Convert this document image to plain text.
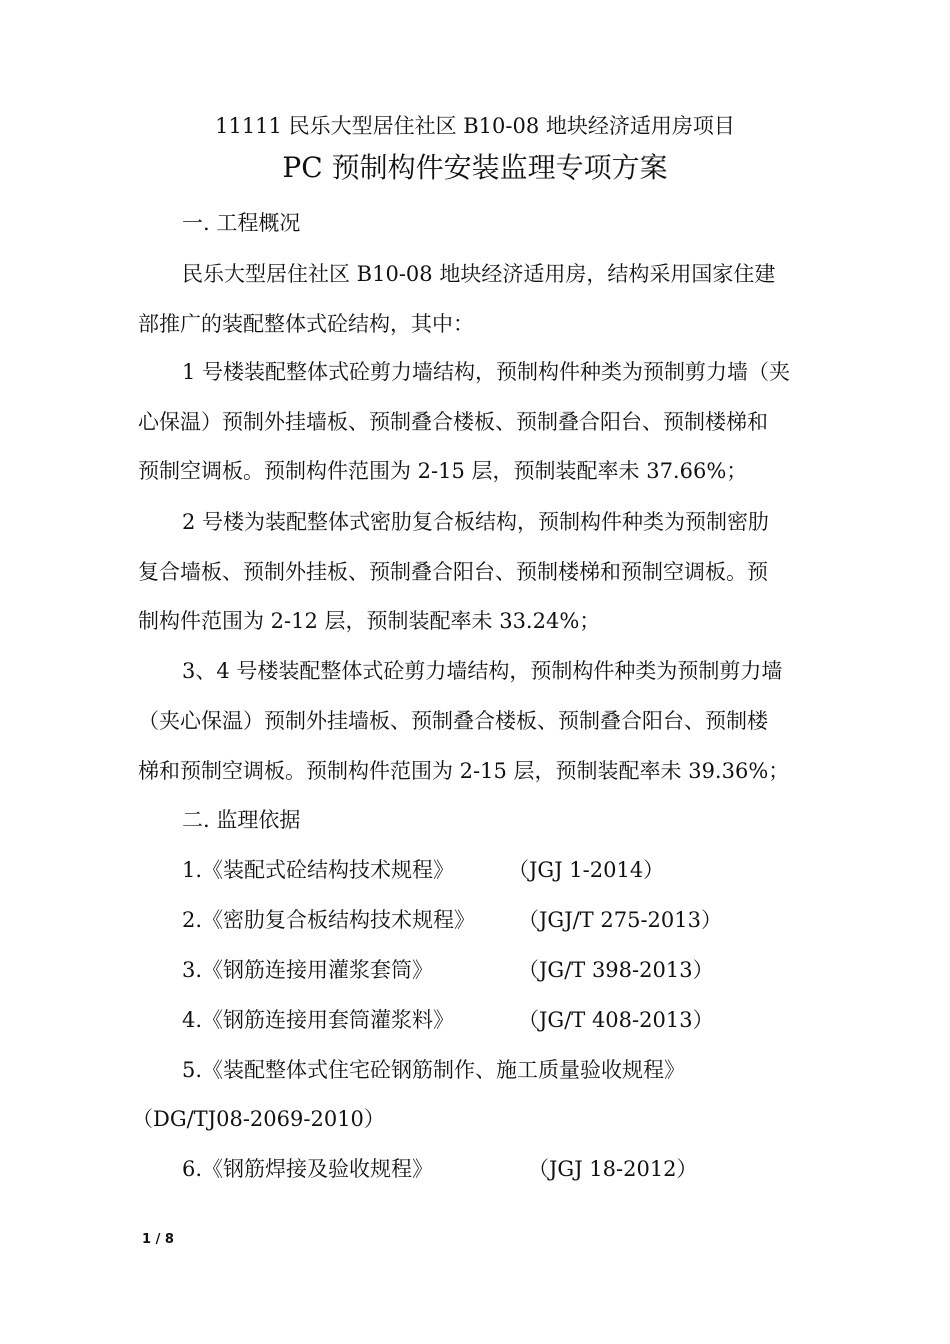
11111 民乐大型居住社区 B10-08 地块经济适用房项目
PC 预制构件安装监理专项方案
一. 工程概况
民乐大型居住社区 B10-08 地块经济适用房，结构采用国家住建
部推广的装配整体式砼结构，其中：
1 号楼装配整体式砼剪力墙结构，预制构件种类为预制剪力墙（夹
心保温）预制外挂墙板、预制叠合楼板、预制叠合阳台、预制楼梯和
预制空调板。预制构件范围为 2-15 层，预制装配率未 37.66%；
2 号楼为装配整体式密肋复合板结构，预制构件种类为预制密肋
复合墙板、预制外挂板、预制叠合阳台、预制楼梯和预制空调板。预
制构件范围为 2-12 层，预制装配率未 33.24%；
3、4 号楼装配整体式砼剪力墙结构，预制构件种类为预制剪力墙
（夹心保温）预制外挂墙板、预制叠合楼板、预制叠合阳台、预制楼
梯和预制空调板。预制构件范围为 2-15 层，预制装配率未 39.36%；
二. 监理依据
1.《装配式砼结构技术规程》	（JGJ 1-2014）
2.《密肋复合板结构技术规程》 （JGJ/T 275-2013）
3.《钢筋连接用灌浆套筒》	（JG/T 398-2013）
4.《钢筋连接用套筒灌浆料》	（JG/T 408-2013）
5.《装配整体式住宅砼钢筋制作、施工质量验收规程》
（DG/TJ08-2069-2010）
6.《钢筋焊接及验收规程》	（JGJ 18-2012）
1 / 8
